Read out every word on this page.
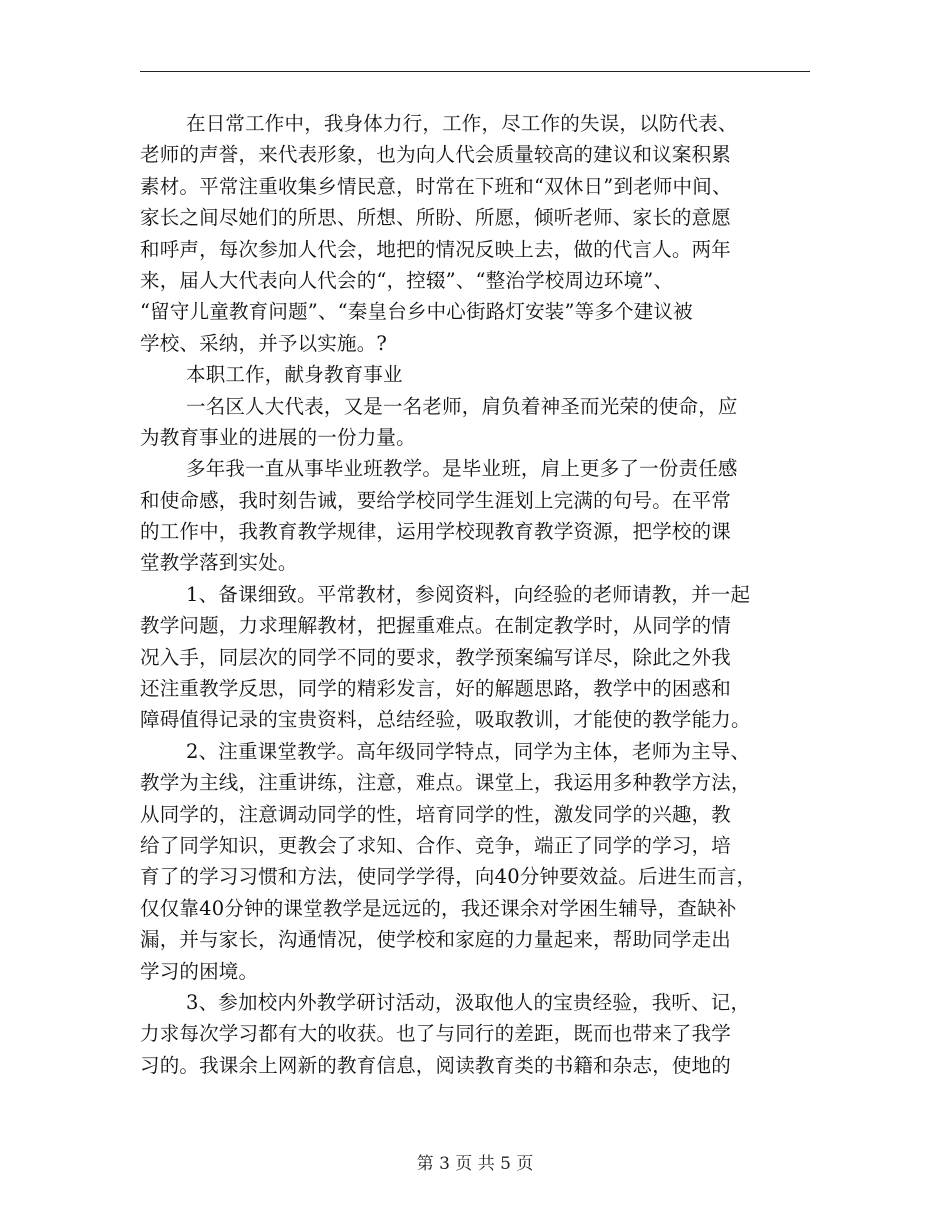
在日常工作中，我身体力行，工作，尽工作的失误，以防代表、
老师的声誉，来代表形象，也为向人代会质量较高的建议和议案积累
素材。平常注重收集乡情民意，时常在下班和“双休日”到老师中间、
家长之间尽她们的所思、所想、所盼、所愿，倾听老师、家长的意愿
和呼声，每次参加人代会，地把的情况反映上去，做的代言人。两年
来，届人大代表向人代会的“，控辍”、“整治学校周边环境”、
“留守儿童教育问题”、“秦皇台乡中心街路灯安装”等多个建议被
学校、采纳，并予以实施。?
本职工作，献身教育事业
一名区人大代表，又是一名老师，肩负着神圣而光荣的使命，应
为教育事业的进展的一份力量。
多年我一直从事毕业班教学。是毕业班，肩上更多了一份责任感
和使命感，我时刻告诫，要给学校同学生涯划上完满的句号。在平常
的工作中，我教育教学规律，运用学校现教育教学资源，把学校的课
堂教学落到实处。
1、备课细致。平常教材，参阅资料，向经验的老师请教，并一起
教学问题，力求理解教材，把握重难点。在制定教学时，从同学的情
况入手，同层次的同学不同的要求，教学预案编写详尽，除此之外我
还注重教学反思，同学的精彩发言，好的解题思路，教学中的困惑和
障碍值得记录的宝贵资料，总结经验，吸取教训，才能使的教学能力。
2、注重课堂教学。高年级同学特点，同学为主体，老师为主导、
教学为主线，注重讲练，注意，难点。课堂上，我运用多种教学方法，
从同学的，注意调动同学的性，培育同学的性，激发同学的兴趣，教
给了同学知识，更教会了求知、合作、竞争，端正了同学的学习，培
育了的学习习惯和方法，使同学学得，向40分钟要效益。后进生而言，
仅仅靠40分钟的课堂教学是远远的，我还课余对学困生辅导，查缺补
漏，并与家长，沟通情况，使学校和家庭的力量起来，帮助同学走出
学习的困境。
3、参加校内外教学研讨活动，汲取他人的宝贵经验，我听、记，
力求每次学习都有大的收获。也了与同行的差距，既而也带来了我学
习的。我课余上网新的教育信息，阅读教育类的书籍和杂志，使地的
第 3 页 共 5 页
